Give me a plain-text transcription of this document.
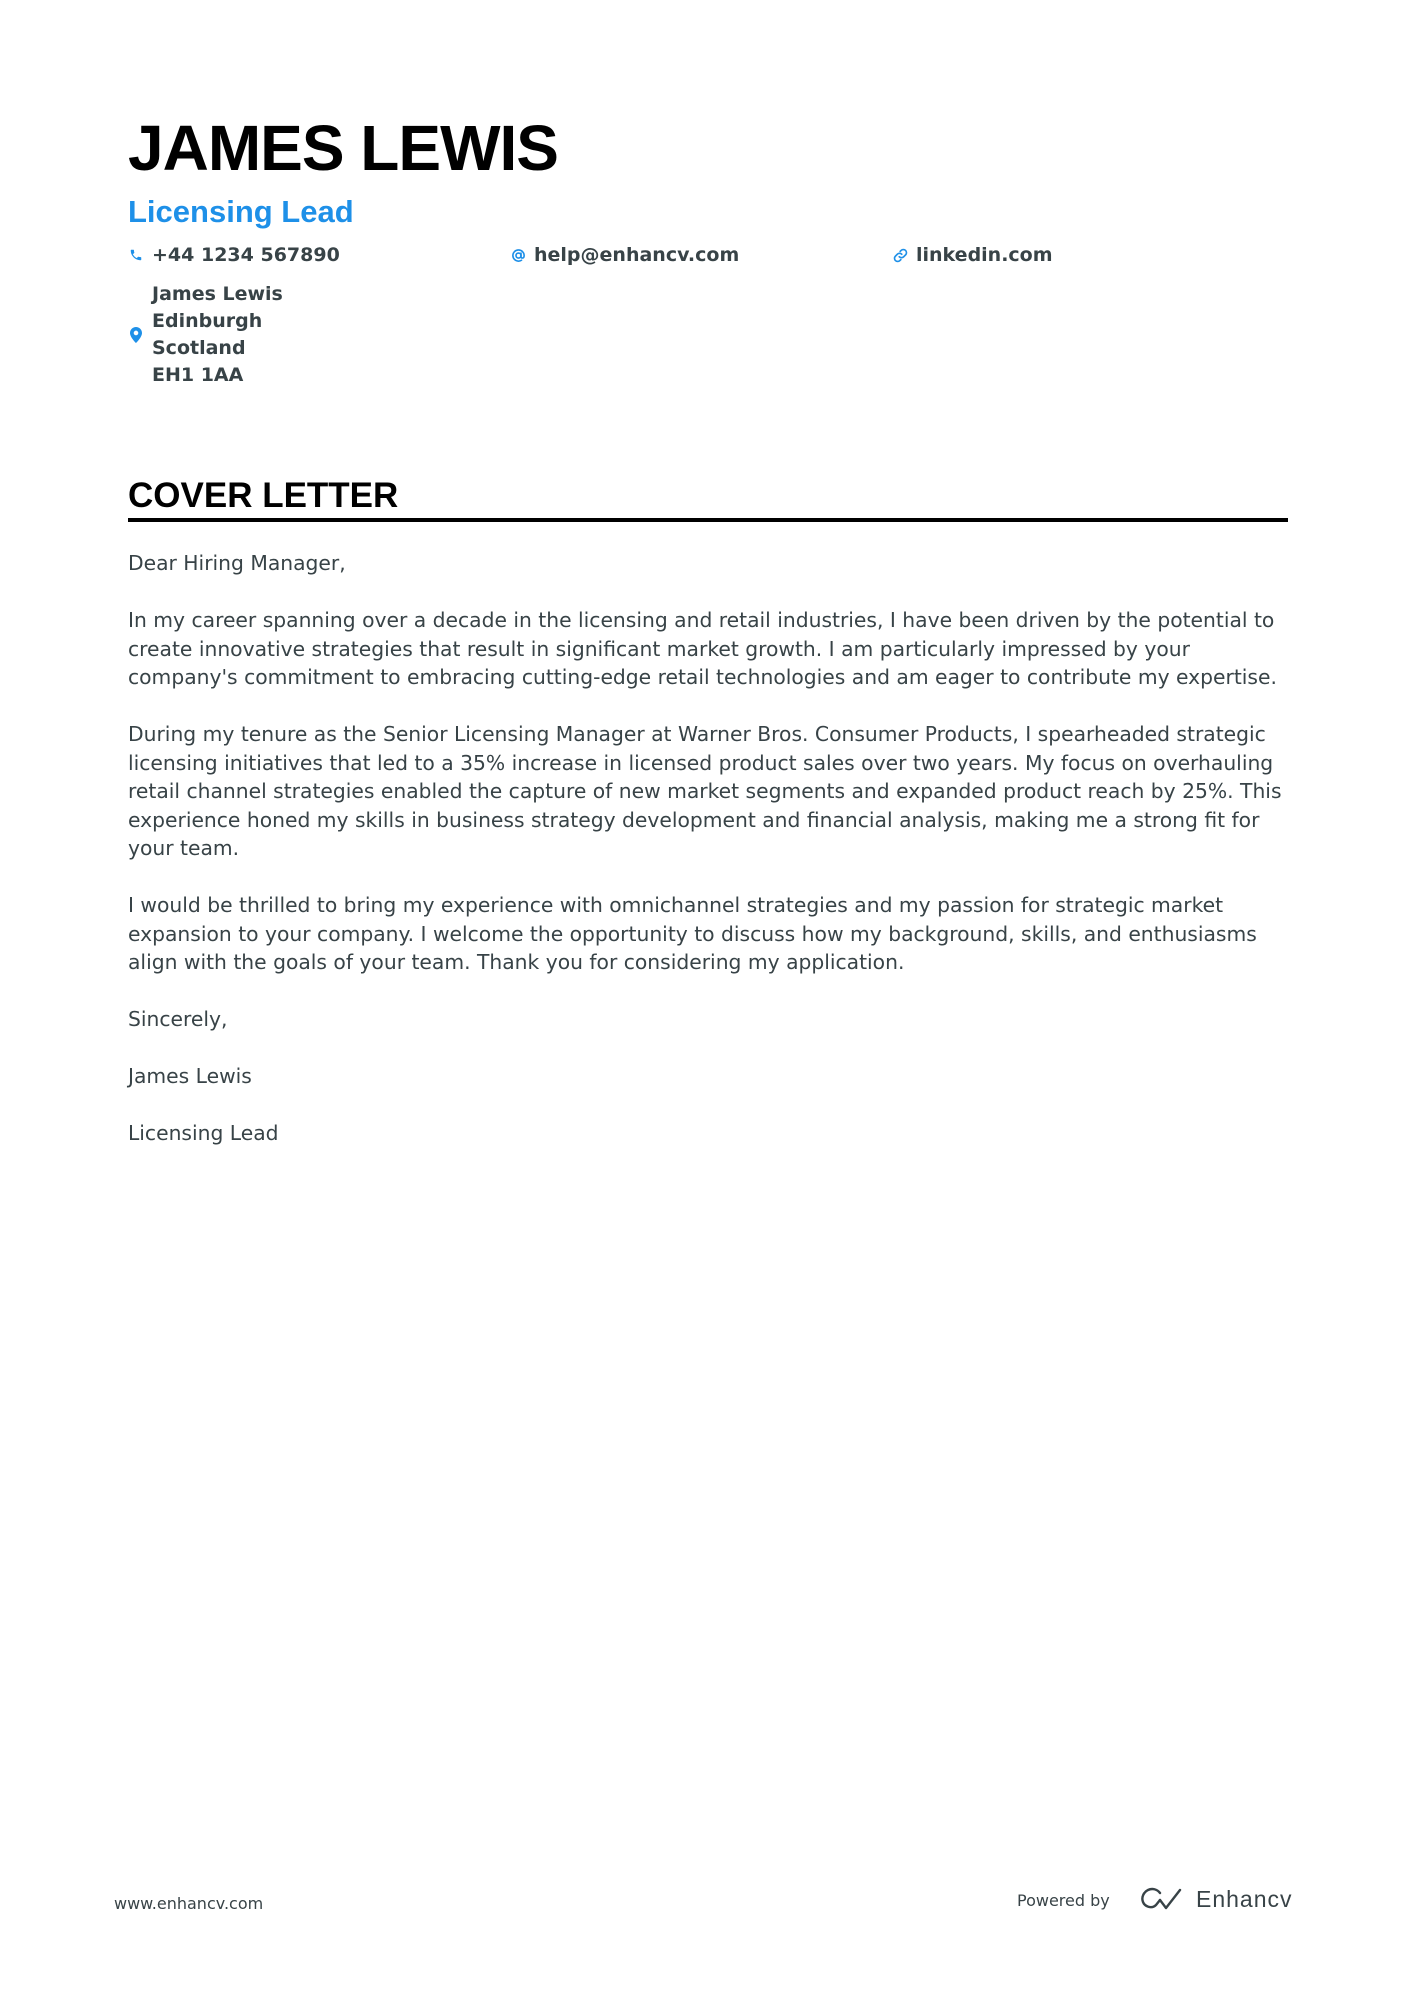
JAMES LEWIS
Licensing Lead
+44 1234 567890	help@enhancv.com	linkedin.com
James Lewis
Edinburgh
Scotland
EH1 1AA
COVER LETTER

Dear Hiring Manager,

In my career spanning over a decade in the licensing and retail industries, I have been driven by the potential to create innovative strategies that result in significant market growth. I am particularly impressed by your company's commitment to embracing cutting-edge retail technologies and am eager to contribute my expertise.

During my tenure as the Senior Licensing Manager at Warner Bros. Consumer Products, I spearheaded strategic licensing initiatives that led to a 35% increase in licensed product sales over two years. My focus on overhauling retail channel strategies enabled the capture of new market segments and expanded product reach by 25%. This experience honed my skills in business strategy development and financial analysis, making me a strong fit for your team.

I would be thrilled to bring my experience with omnichannel strategies and my passion for strategic market expansion to your company. I welcome the opportunity to discuss how my background, skills, and enthusiasms align with the goals of your team. Thank you for considering my application.

Sincerely,

James Lewis

Licensing Lead

www.enhancv.com	Powered by	Enhancv
